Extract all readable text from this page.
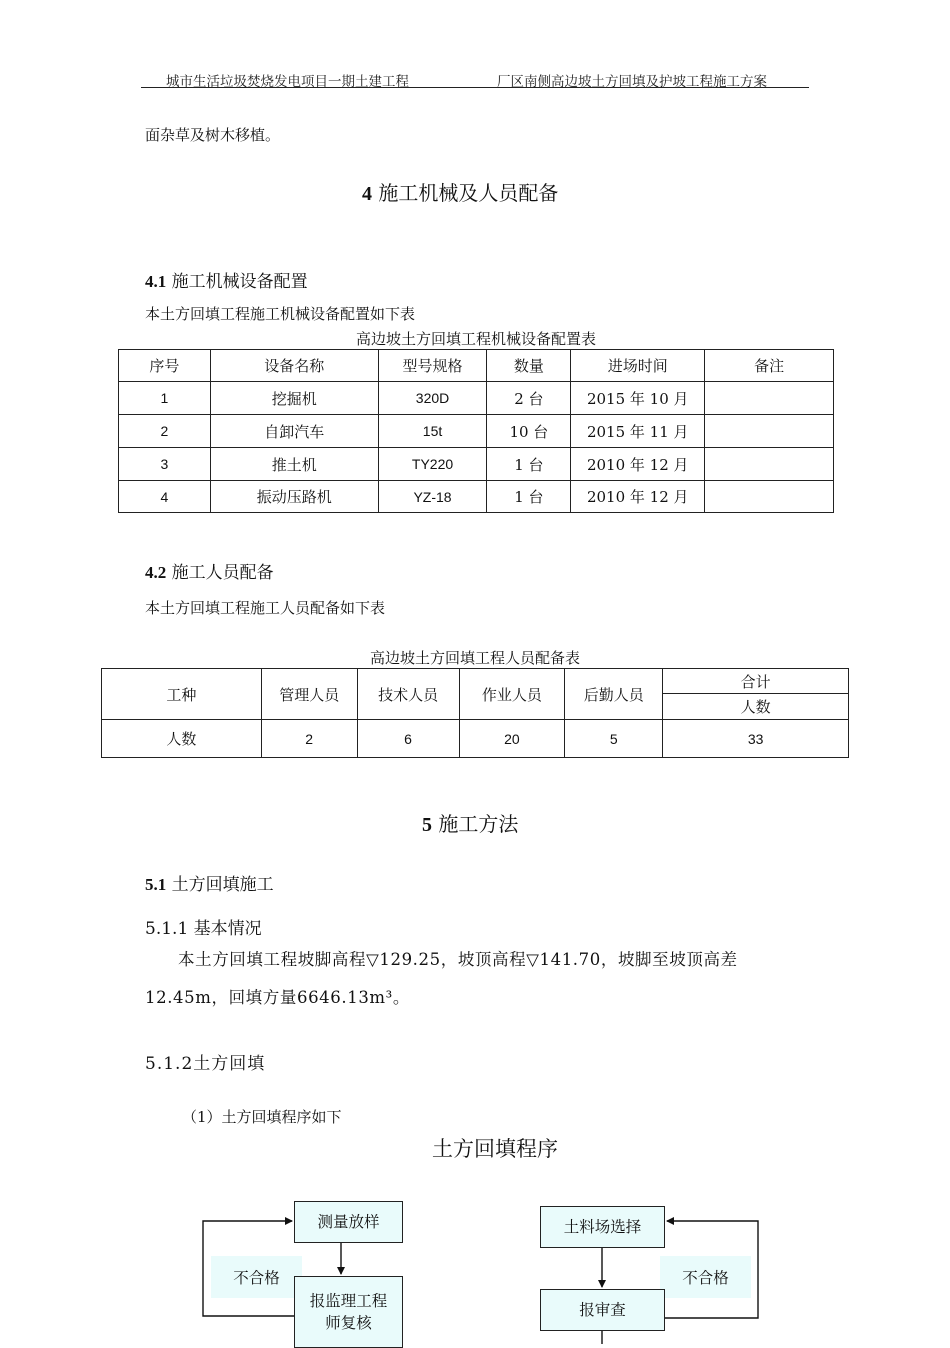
城市生活垃圾焚烧发电项目一期土建工程	厂区南侧高边坡土方回填及护坡工程施工方案
面杂草及树木移植。
4 施工机械及人员配备
4.1 施工机械设备配置
本土方回填工程施工机械设备配置如下表
高边坡土方回填工程机械设备配置表
序号	设备名称	型号规格	数量	进场时间	备注
1	挖掘机	320D	2 台	2015 年 10 月	
2	自卸汽车	15t	10 台	2015 年 11 月	
3	推土机	TY220	1 台	2010 年 12 月	
4	振动压路机	YZ-18	1 台	2010 年 12 月	
4.2 施工人员配备
本土方回填工程施工人员配备如下表
高边坡土方回填工程人员配备表
工种	管理人员	技术人员	作业人员	后勤人员	合计
					人数
人数	2	6	20	5	33
5 施工方法
5.1 土方回填施工
5.1.1 基本情况
本土方回填工程坡脚高程▽129.25，坡顶高程▽141.70，坡脚至坡顶高差
12.45m，回填方量6646.13m³。
5.1.2土方回填
（1）土方回填程序如下
土方回填程序
测量放样
不合格
报监理工程
师复核
土料场选择
不合格
报审查
